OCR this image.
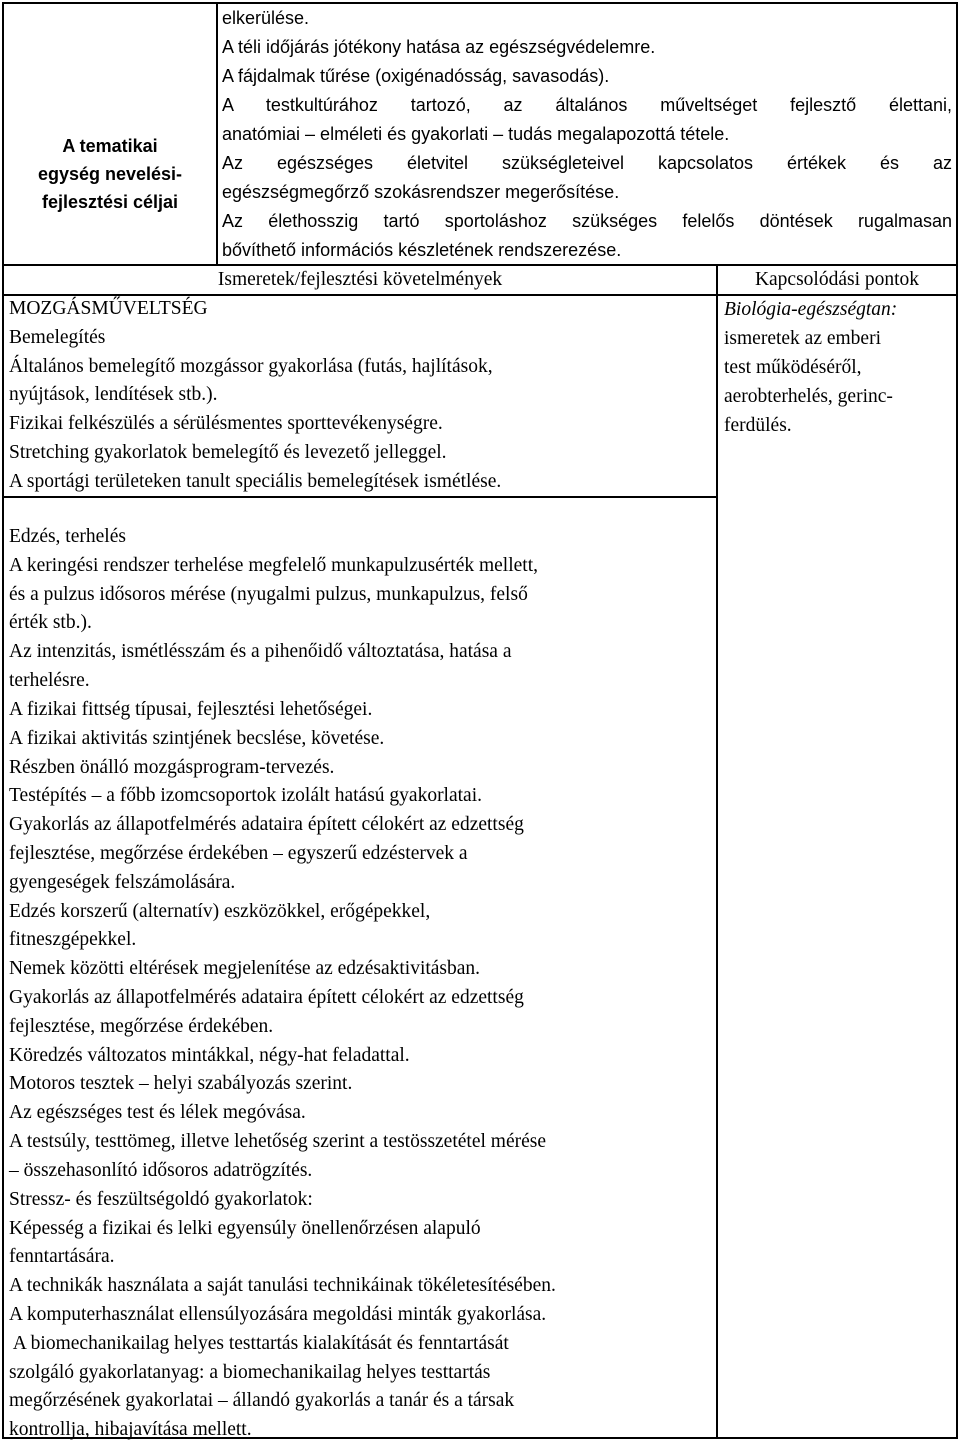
A tematikai
egység nevelési-
fejlesztési céljai
elkerülése.
A téli időjárás jótékony hatása az egészségvédelemre.
A fájdalmak tűrése (oxigénadósság, savasodás).
A testkultúrához tartozó, az általános műveltséget fejlesztő élettani,
anatómiai – elméleti és gyakorlati – tudás megalapozottá tétele.
Az egészséges életvitel szükségleteivel kapcsolatos értékek és az
egészségmegőrző szokásrendszer megerősítése.
Az élethosszig tartó sportoláshoz szükséges felelős döntések rugalmasan
bővíthető információs készletének rendszerezése.
Ismeretek/fejlesztési követelmények	Kapcsolódási pontok
MOZGÁSMŰVELTSÉG
Bemelegítés
Általános bemelegítő mozgássor gyakorlása (futás, hajlítások,
nyújtások, lendítések stb.).
Fizikai felkészülés a sérülésmentes sporttevékenységre.
Stretching gyakorlatok bemelegítő és levezető jelleggel.
A sportági területeken tanult speciális bemelegítések ismétlése.
Biológia-egészségtan:
ismeretek az emberi
test működéséről,
aerobterhelés, gerinc-
ferdülés.
Edzés, terhelés
A keringési rendszer terhelése megfelelő munkapulzusérték mellett,
és a pulzus idősoros mérése (nyugalmi pulzus, munkapulzus, felső
érték stb.).
Az intenzitás, ismétlésszám és a pihenőidő változtatása, hatása a
terhelésre.
A fizikai fittség típusai, fejlesztési lehetőségei.
A fizikai aktivitás szintjének becslése, követése.
Részben önálló mozgásprogram-tervezés.
Testépítés – a főbb izomcsoportok izolált hatású gyakorlatai.
Gyakorlás az állapotfelmérés adataira épített célokért az edzettség
fejlesztése, megőrzése érdekében – egyszerű edzéstervek a
gyengeségek felszámolására.
Edzés korszerű (alternatív) eszközökkel, erőgépekkel,
fitneszgépekkel.
Nemek közötti eltérések megjelenítése az edzésaktivitásban.
Gyakorlás az állapotfelmérés adataira épített célokért az edzettség
fejlesztése, megőrzése érdekében.
Köredzés változatos mintákkal, négy-hat feladattal.
Motoros tesztek – helyi szabályozás szerint.
Az egészséges test és lélek megóvása.
A testsúly, testtömeg, illetve lehetőség szerint a testösszetétel mérése
– összehasonlító idősoros adatrögzítés.
Stressz- és feszültségoldó gyakorlatok:
Képesség a fizikai és lelki egyensúly önellenőrzésen alapuló
fenntartására.
A technikák használata a saját tanulási technikáinak tökéletesítésében.
A komputerhasználat ellensúlyozására megoldási minták gyakorlása.
A biomechanikailag helyes testtartás kialakítását és fenntartását
szolgáló gyakorlatanyag: a biomechanikailag helyes testtartás
megőrzésének gyakorlatai – állandó gyakorlás a tanár és a társak
kontrollja, hibajavítása mellett.
